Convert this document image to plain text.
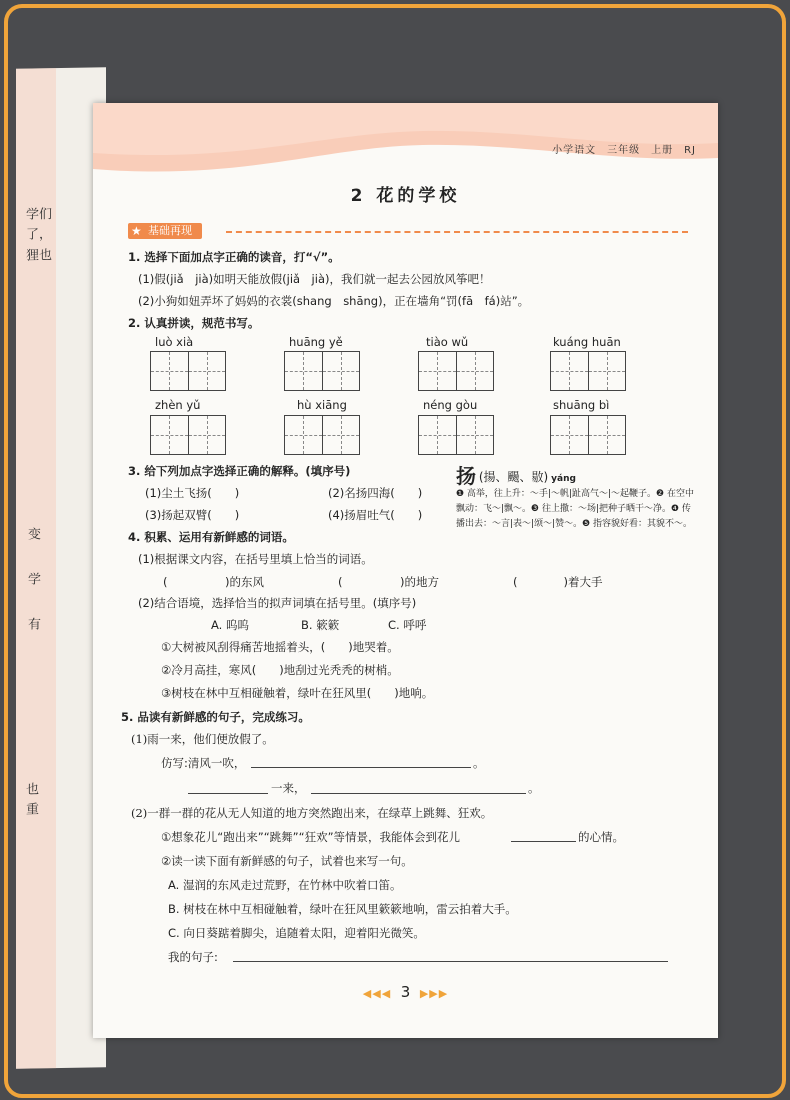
学们
了，
狸也
变
学
有
也
重
小学语文　三年级　上册　RJ
2 花的学校
★ 基础再现
1. 选择下面加点字正确的读音，打“√”。
(1)假(jiǎ　jià)如明天能放假(jiǎ　jià)，我们就一起去公园放风筝吧！
(2)小狗如妞弄坏了妈妈的衣裳(shang　shāng)，正在墙角“罚(fā　fá)站”。
2. 认真拼读，规范书写。
luò xià	huāng yě	tiào wǔ	kuáng huān
zhèn yǔ	hù xiāng	néng gòu	shuāng bì
3. 给下列加点字选择正确的解释。(填序号)
(1)尘土飞扬(　　)	(2)名扬四海(　　)
(3)扬起双臂(　　)	(4)扬眉吐气(　　)
扬 (揚、颺、敭) yáng
❶ 高举，往上升：～手|～帆|趾高气～|～起鞭子。❷ 在空中飘动：飞～|飘～。❸ 往上撒：～场|把种子晒干～净。❹ 传播出去：～言|表～|颂～|赞～。❺ 指容貌好看：其貌不～。
4. 积累、运用有新鲜感的词语。
(1)根据课文内容，在括号里填上恰当的词语。
(　　　　　)的东风	(　　　　　)的地方	(　　　　)着大手
(2)结合语境，选择恰当的拟声词填在括号里。(填序号)
A. 呜呜	B. 簌簌	C. 呼呼
①大树被风刮得痛苦地摇着头，(　　)地哭着。
②冷月高挂，寒风(　　)地刮过光秃秃的树梢。
③树枝在林中互相碰触着，绿叶在狂风里(　　)地响。
5. 品读有新鲜感的句子，完成练习。
(1)雨一来，他们便放假了。
仿写:清风一吹，	。
一来，	。
(2)一群一群的花从无人知道的地方突然跑出来，在绿草上跳舞、狂欢。
①想象花儿“跑出来”“跳舞”“狂欢”等情景，我能体会到花儿	的心情。
②读一读下面有新鲜感的句子，试着也来写一句。
A. 湿润的东风走过荒野，在竹林中吹着口笛。
B. 树枝在林中互相碰触着，绿叶在狂风里簌簌地响，雷云拍着大手。
C. 向日葵踮着脚尖，追随着太阳，迎着阳光微笑。
我的句子:
◀◀◀ 3 ▶▶▶
